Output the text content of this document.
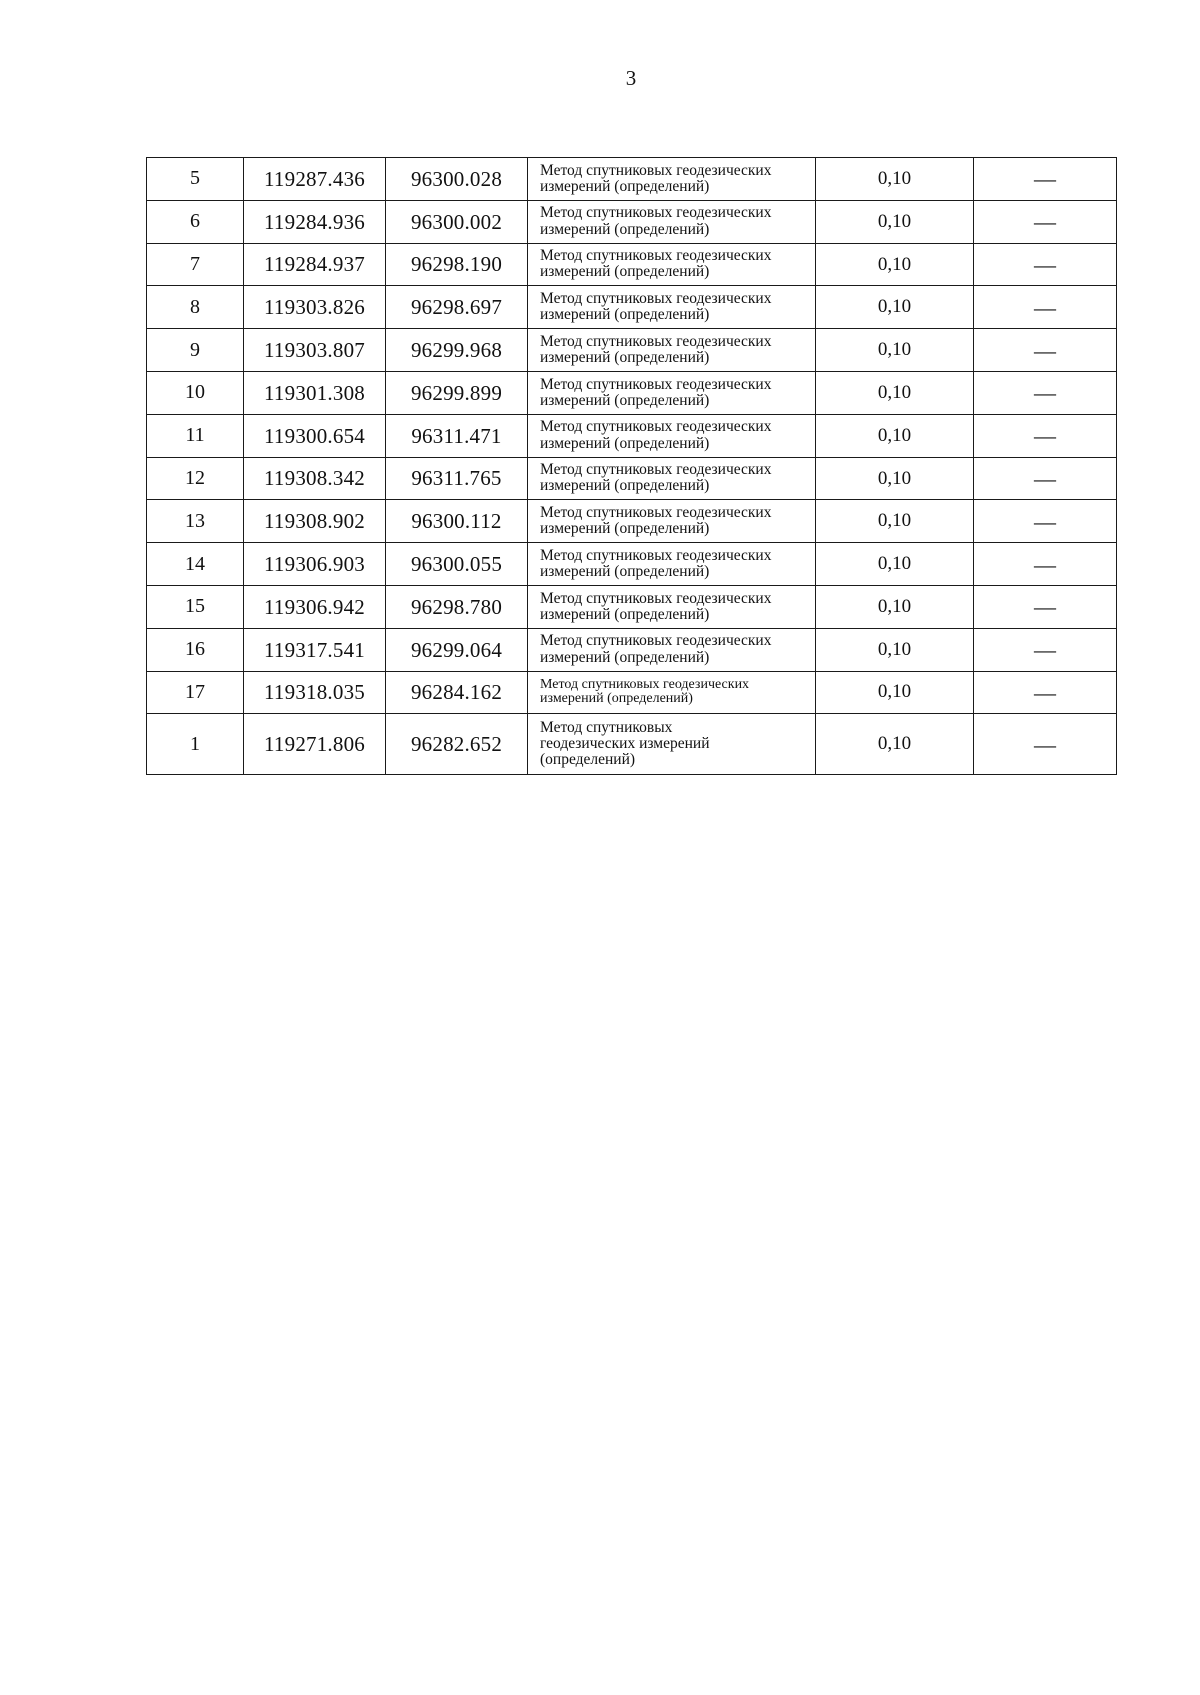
3
5	119287.436	96300.028	Метод спутниковых геодезических
измерений (определений)	0,10	—
6	119284.936	96300.002	Метод спутниковых геодезических
измерений (определений)	0,10	—
7	119284.937	96298.190	Метод спутниковых геодезических
измерений (определений)	0,10	—
8	119303.826	96298.697	Метод спутниковых геодезических
измерений (определений)	0,10	—
9	119303.807	96299.968	Метод спутниковых геодезических
измерений (определений)	0,10	—
10	119301.308	96299.899	Метод спутниковых геодезических
измерений (определений)	0,10	—
11	119300.654	96311.471	Метод спутниковых геодезических
измерений (определений)	0,10	—
12	119308.342	96311.765	Метод спутниковых геодезических
измерений (определений)	0,10	—
13	119308.902	96300.112	Метод спутниковых геодезических
измерений (определений)	0,10	—
14	119306.903	96300.055	Метод спутниковых геодезических
измерений (определений)	0,10	—
15	119306.942	96298.780	Метод спутниковых геодезических
измерений (определений)	0,10	—
16	119317.541	96299.064	Метод спутниковых геодезических
измерений (определений)	0,10	—
17	119318.035	96284.162	Метод спутниковых геодезических
измерений (определений)	0,10	—
1	119271.806	96282.652	Метод спутниковых
геодезических измерений
(определений)	0,10	—
